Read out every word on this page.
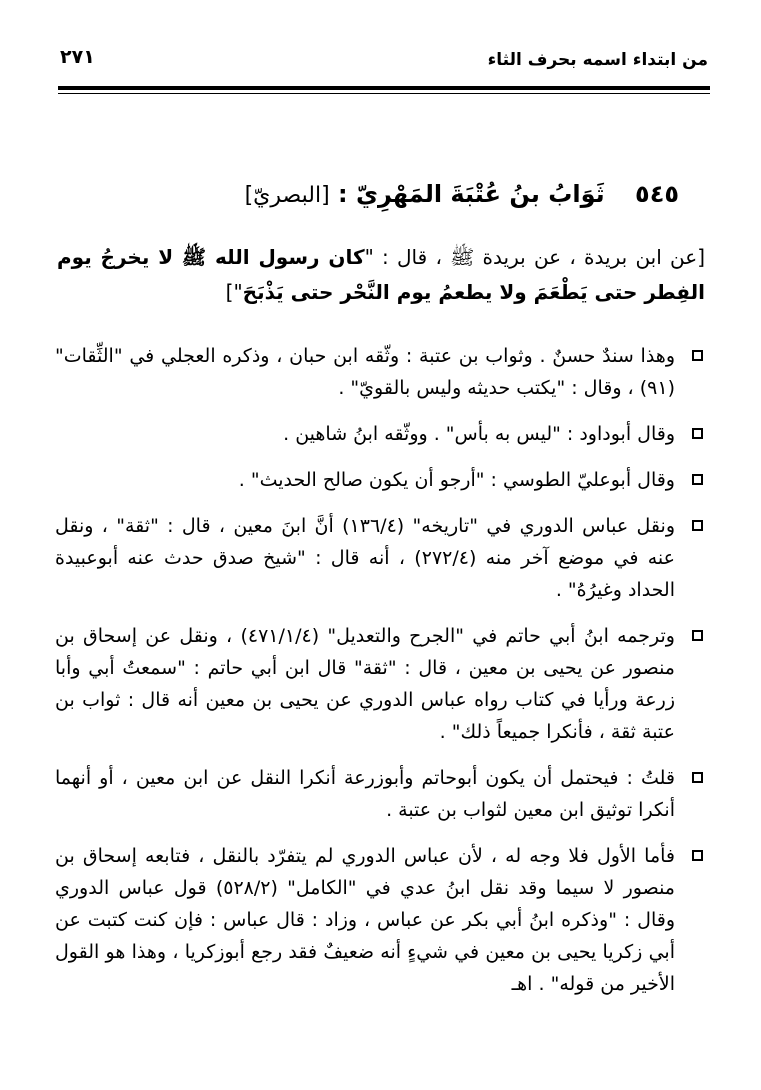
٢٧١	من ابتداء اسمه بحرف الثاء
٥٤٥ ثَوَابُ بنُ عُتْبَةَ المَهْرِيّ : [البصريّ]
[عن ابن بريدة ، عن بريدة ﷺ ، قال : "كان رسول الله ﷺ لا يخرجُ يوم الفِطر حتى يَطْعَمَ ولا يطعمُ يوم النَّحْر حتى يَذْبَحَ"]
وهذا سندٌ حسنٌ . وثواب بن عتبة : وثّقه ابن حبان ، وذكره العجلي في "الثِّقات" (٩١) ، وقال : "يكتب حديثه وليس بالقويّ" .
وقال أبوداود : "ليس به بأس" . ووثّقه ابنُ شاهين .
وقال أبوعليّ الطوسي : "أرجو أن يكون صالح الحديث" .
ونقل عباس الدوري في "تاريخه" (١٣٦/٤) أنَّ ابنَ معين ، قال : "ثقة" ، ونقل عنه في موضع آخر منه (٢٧٢/٤) ، أنه قال : "شيخ صدق حدث عنه أبوعبيدة الحداد وغيرُهُ" .
وترجمه ابنُ أبي حاتم في "الجرح والتعديل" (٤٧١/١/٤) ، ونقل عن إسحاق بن منصور عن يحيى بن معين ، قال : "ثقة" قال ابن أبي حاتم : "سمعتُ أبي وأبا زرعة ورأيا في كتاب رواه عباس الدوري عن يحيى بن معين أنه قال : ثواب بن عتبة ثقة ، فأنكرا جميعاً ذلك" .
قلتُ : فيحتمل أن يكون أبوحاتم وأبوزرعة أنكرا النقل عن ابن معين ، أو أنهما أنكرا توثيق ابن معين لثواب بن عتبة .
فأما الأول فلا وجه له ، لأن عباس الدوري لم يتفرّد بالنقل ، فتابعه إسحاق بن منصور لا سيما وقد نقل ابنُ عدي في "الكامل" (٥٢٨/٢) قول عباس الدوري وقال : "وذكره ابنُ أبي بكر عن عباس ، وزاد : قال عباس : فإن كنت كتبت عن أبي زكريا يحيى بن معين في شيءٍ أنه ضعيفٌ فقد رجع أبوزكريا ، وهذا هو القول الأخير من قوله" . اهـ
